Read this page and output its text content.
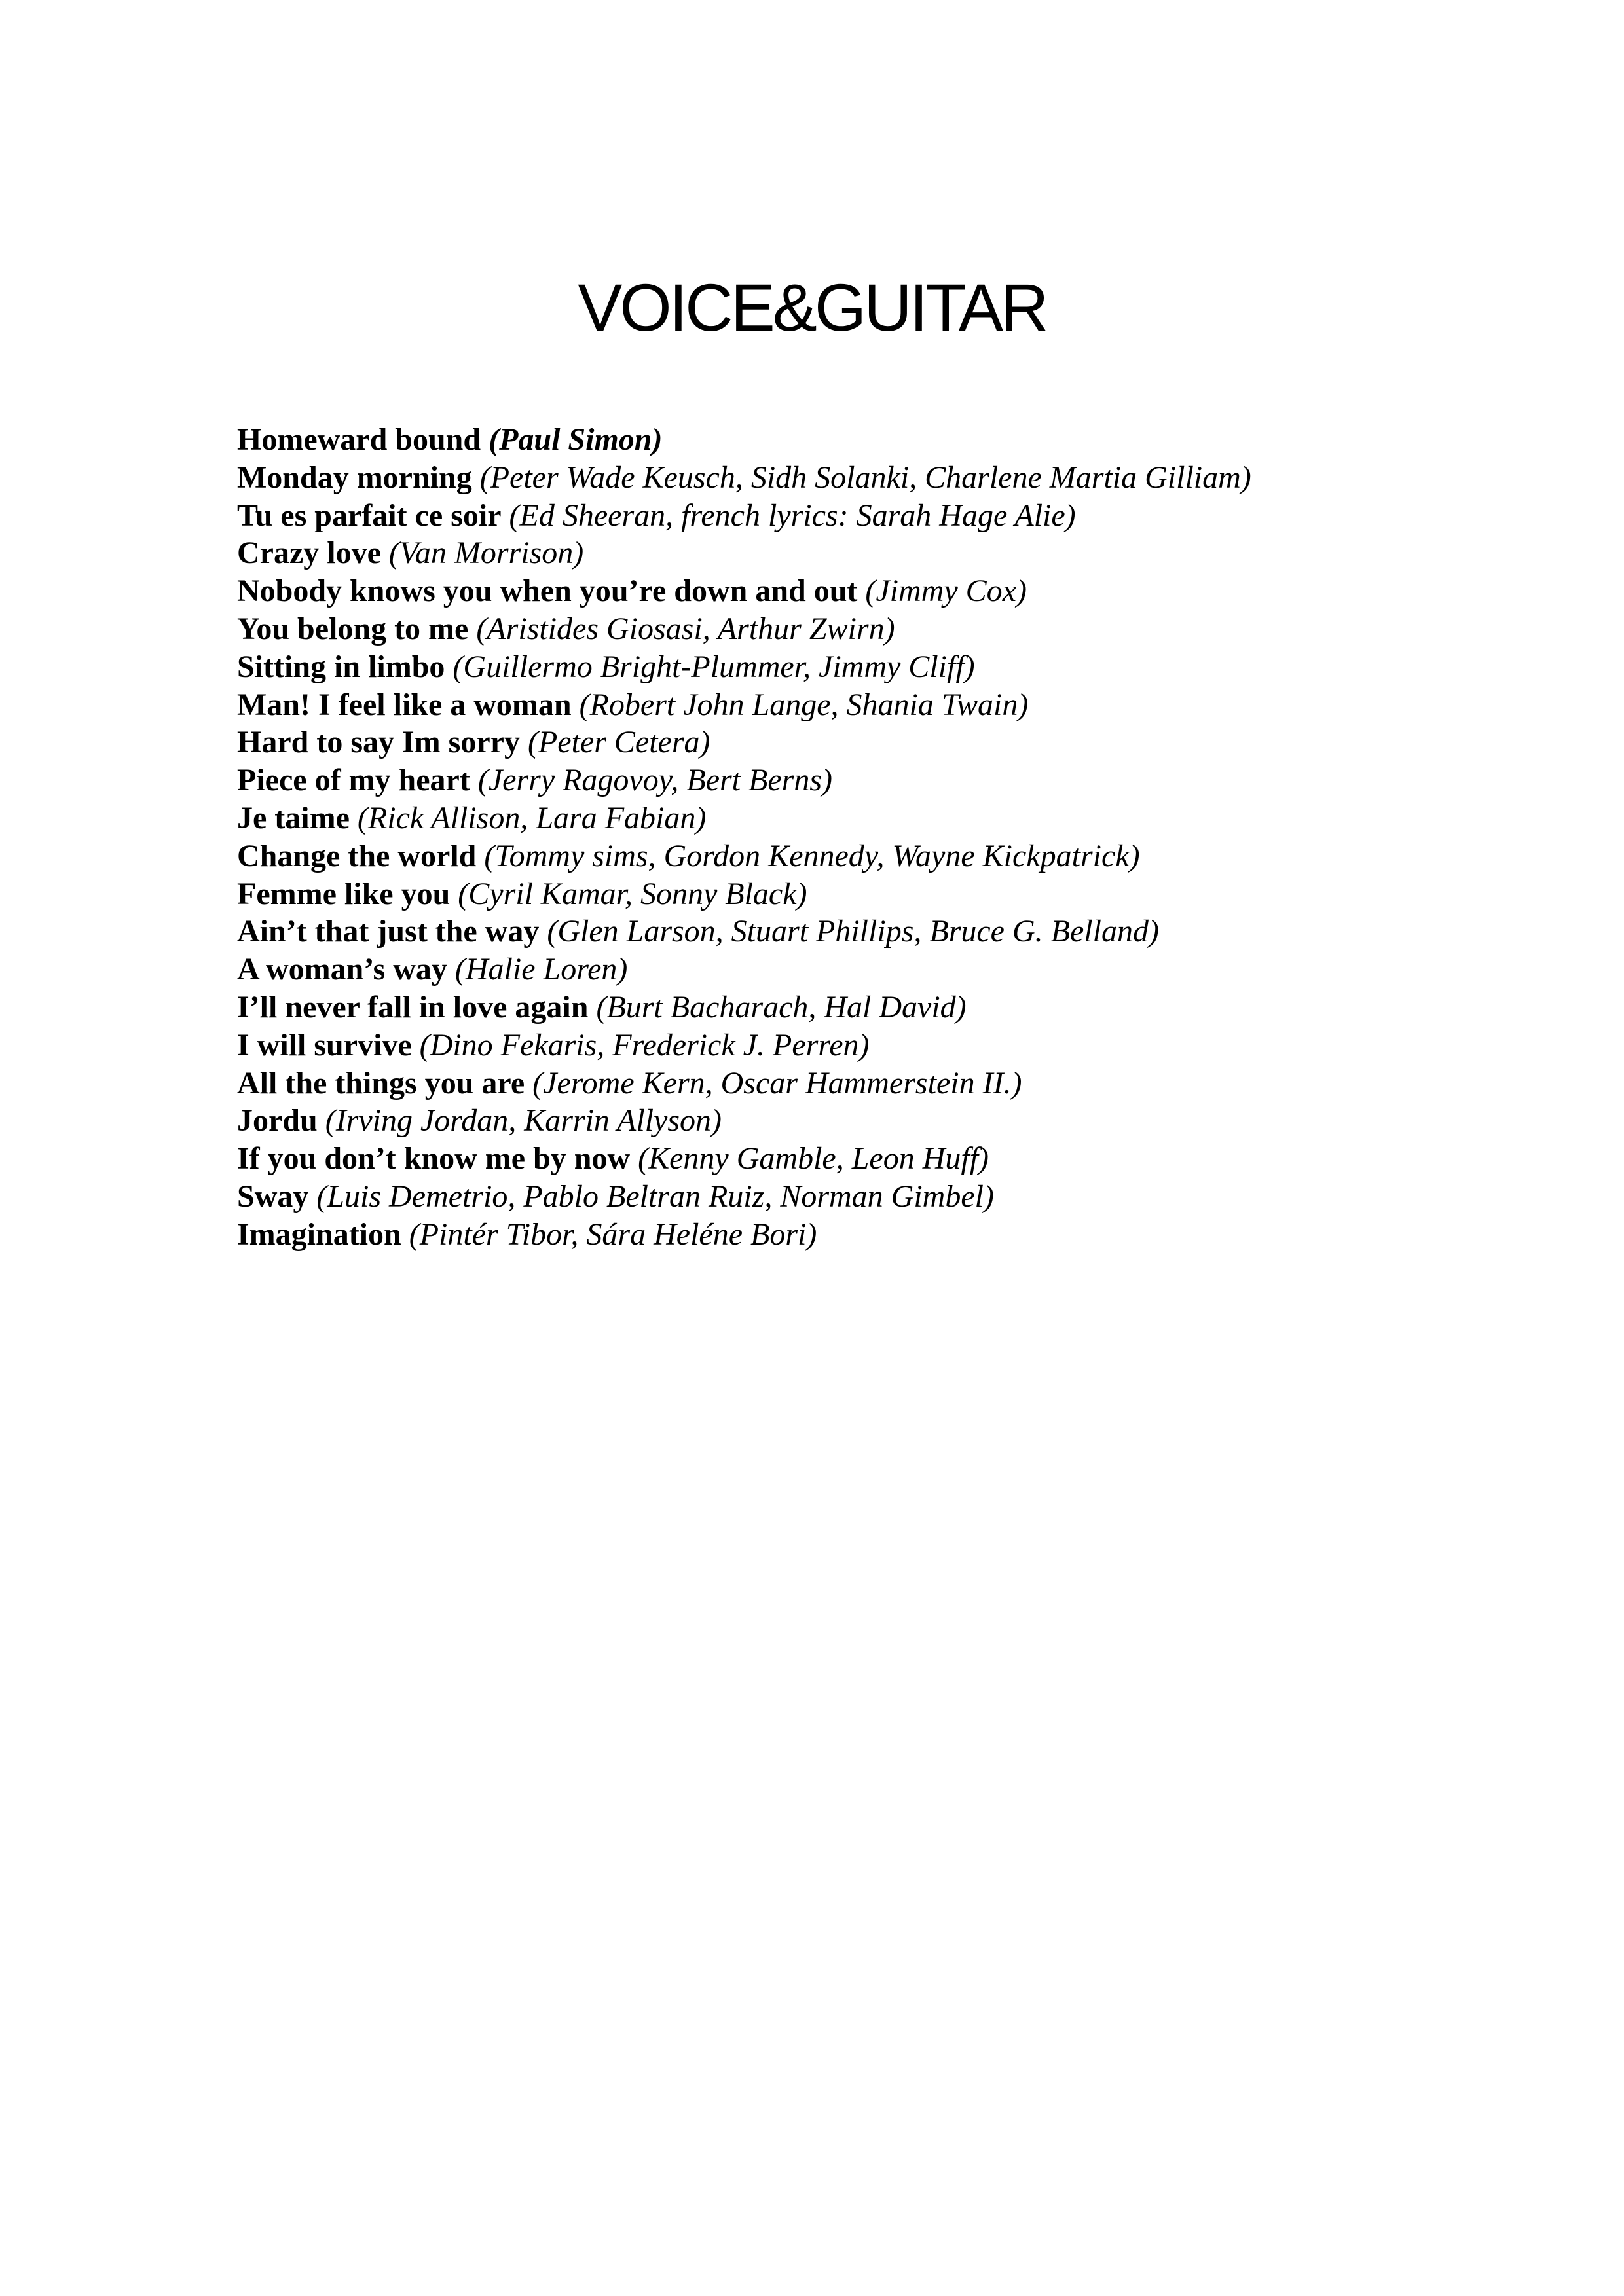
VOICE&GUITAR
Homeward bound (Paul Simon)
Monday morning (Peter Wade Keusch, Sidh Solanki, Charlene Martia Gilliam)
Tu es parfait ce soir (Ed Sheeran, french lyrics: Sarah Hage Alie)
Crazy love (Van Morrison)
Nobody knows you when you’re down and out (Jimmy Cox)
You belong to me (Aristides Giosasi, Arthur Zwirn)
Sitting in limbo (Guillermo Bright-Plummer, Jimmy Cliff)
Man! I feel like a woman (Robert John Lange, Shania Twain)
Hard to say Im sorry (Peter Cetera)
Piece of my heart (Jerry Ragovoy, Bert Berns)
Je taime (Rick Allison, Lara Fabian)
Change the world (Tommy sims, Gordon Kennedy, Wayne Kickpatrick)
Femme like you (Cyril Kamar, Sonny Black)
Ain’t that just the way (Glen Larson, Stuart Phillips, Bruce G. Belland)
A woman’s way (Halie Loren)
I’ll never fall in love again (Burt Bacharach, Hal David)
I will survive (Dino Fekaris, Frederick J. Perren)
All the things you are (Jerome Kern, Oscar Hammerstein II.)
Jordu (Irving Jordan, Karrin Allyson)
If you don’t know me by now (Kenny Gamble, Leon Huff)
Sway (Luis Demetrio, Pablo Beltran Ruiz, Norman Gimbel)
Imagination (Pintér Tibor, Sára Heléne Bori)
